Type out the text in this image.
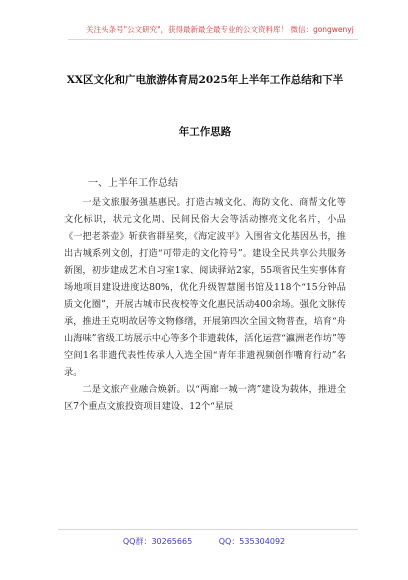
关注头条号"公文研究"，获得最新最全最专业的公文资料库！ 微信：gongwenyj
XX区文化和广电旅游体育局2025年上半年工作总结和下半
年工作思路
一、上半年工作总结

一是文旅服务强基惠民。打造古城文化、海防文化、商帮文化等文化标识，状元文化周、民间民俗大会等活动擦亮文化名片，小品《一把老茶壶》斩获省群星奖，《海定波平》入围省文化基因丛书，推出古城系列文创，打造“可带走的文化符号”。建设全民共享公共服务新图，初步建成艺术自习室1家、阅读驿站2家，55项省民生实事体育场地项目建设进度达80%，优化升级智慧图书馆及118个“15分钟品质文化圈”，开展古城市民夜校等文化惠民活动400余场。强化文脉传承，推进王克明故居等文物修缮，开展第四次全国文物普查，培育“舟山海味”省级工坊展示中心等多个非遗载体，活化运营“瀛洲老作坊”等空间1名非遗代表性传承人入选全国“青年非遗视频创作嘴育行动”名录。

二是文旅产业融合焕新。以“两廊一城一湾”建设为载体，推进全区7个重点文旅投资项目建设、12个“星辰

QQ群：30265665	QQ：535304092
